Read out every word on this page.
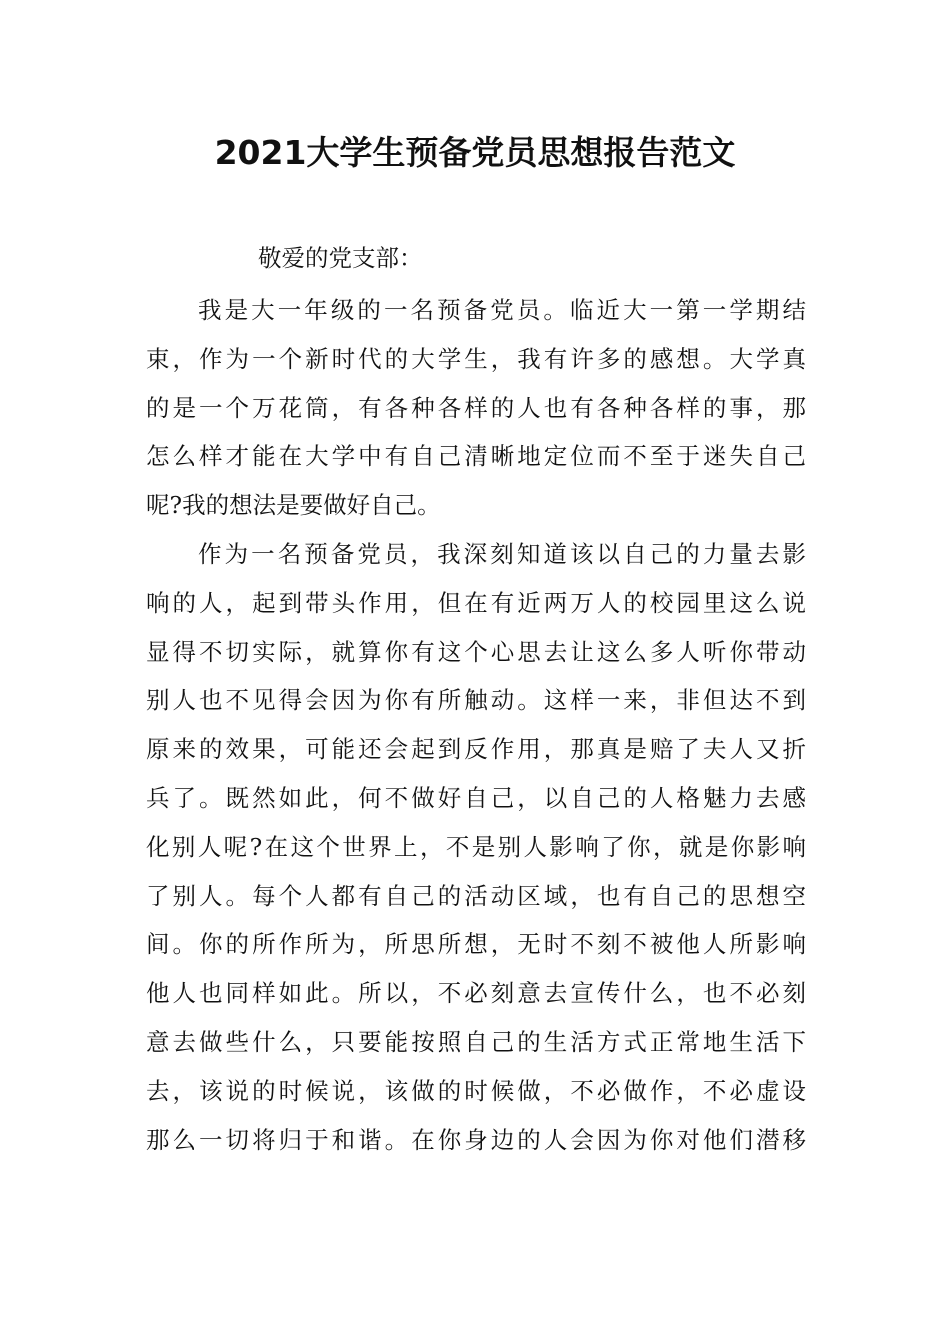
2021大学生预备党员思想报告范文

敬爱的党支部：

我是大一年级的一名预备党员。临近大一第一学期结
束，作为一个新时代的大学生，我有许多的感想。大学真
的是一个万花筒，有各种各样的人也有各种各样的事，那
怎么样才能在大学中有自己清晰地定位而不至于迷失自己
呢?我的想法是要做好自己。
作为一名预备党员，我深刻知道该以自己的力量去影
响的人，起到带头作用，但在有近两万人的校园里这么说
显得不切实际，就算你有这个心思去让这么多人听你带动
别人也不见得会因为你有所触动。这样一来，非但达不到
原来的效果，可能还会起到反作用，那真是赔了夫人又折
兵了。既然如此，何不做好自己，以自己的人格魅力去感
化别人呢?在这个世界上，不是别人影响了你，就是你影响
了别人。每个人都有自己的活动区域，也有自己的思想空
间。你的所作所为，所思所想，无时不刻不被他人所影响
他人也同样如此。所以，不必刻意去宣传什么，也不必刻
意去做些什么，只要能按照自己的生活方式正常地生活下
去，该说的时候说，该做的时候做，不必做作，不必虚设
那么一切将归于和谐。在你身边的人会因为你对他们潜移
